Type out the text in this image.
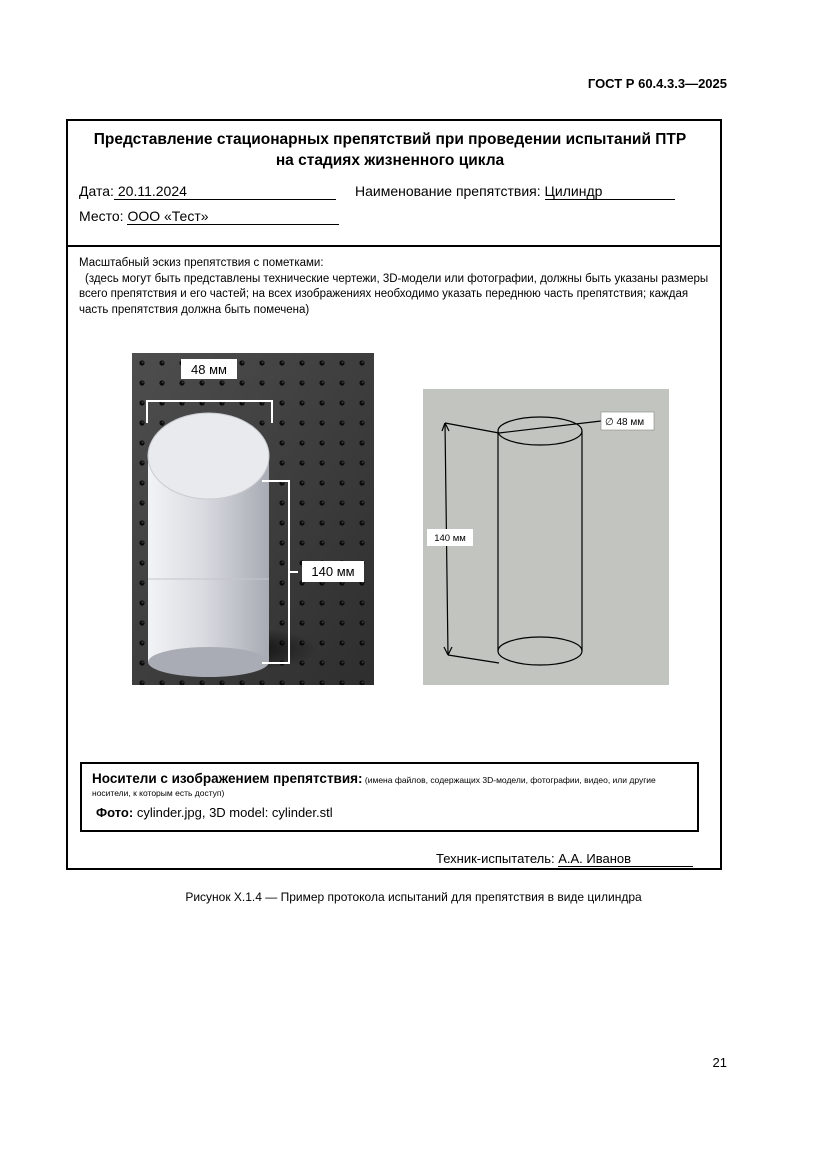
ГОСТ Р 60.4.3.3—2025
Представление стационарных препятствий при проведении испытаний ПТР
на стадиях жизненного цикла
Дата: 20.11.2024	Наименование препятствия: Цилиндр
Место: ООО «Тест»
Масштабный эскиз препятствия с пометками:
(здесь могут быть представлены технические чертежи, 3D-модели или фотографии, должны быть указаны размеры всего препятствия и его частей; на всех изображениях необходимо указать переднюю часть препятствия; каждая часть препятствия должна быть помечена)
48 мм
140 мм
∅ 48 мм
140 мм
Носители с изображением препятствия: (имена файлов, содержащих 3D-модели, фотографии, видео, или другие носители, к которым есть доступ)
Фото: cylinder.jpg, 3D model: cylinder.stl
Техник-испытатель: А.А. Иванов
Рисунок Х.1.4 — Пример протокола испытаний для препятствия в виде цилиндра
21
